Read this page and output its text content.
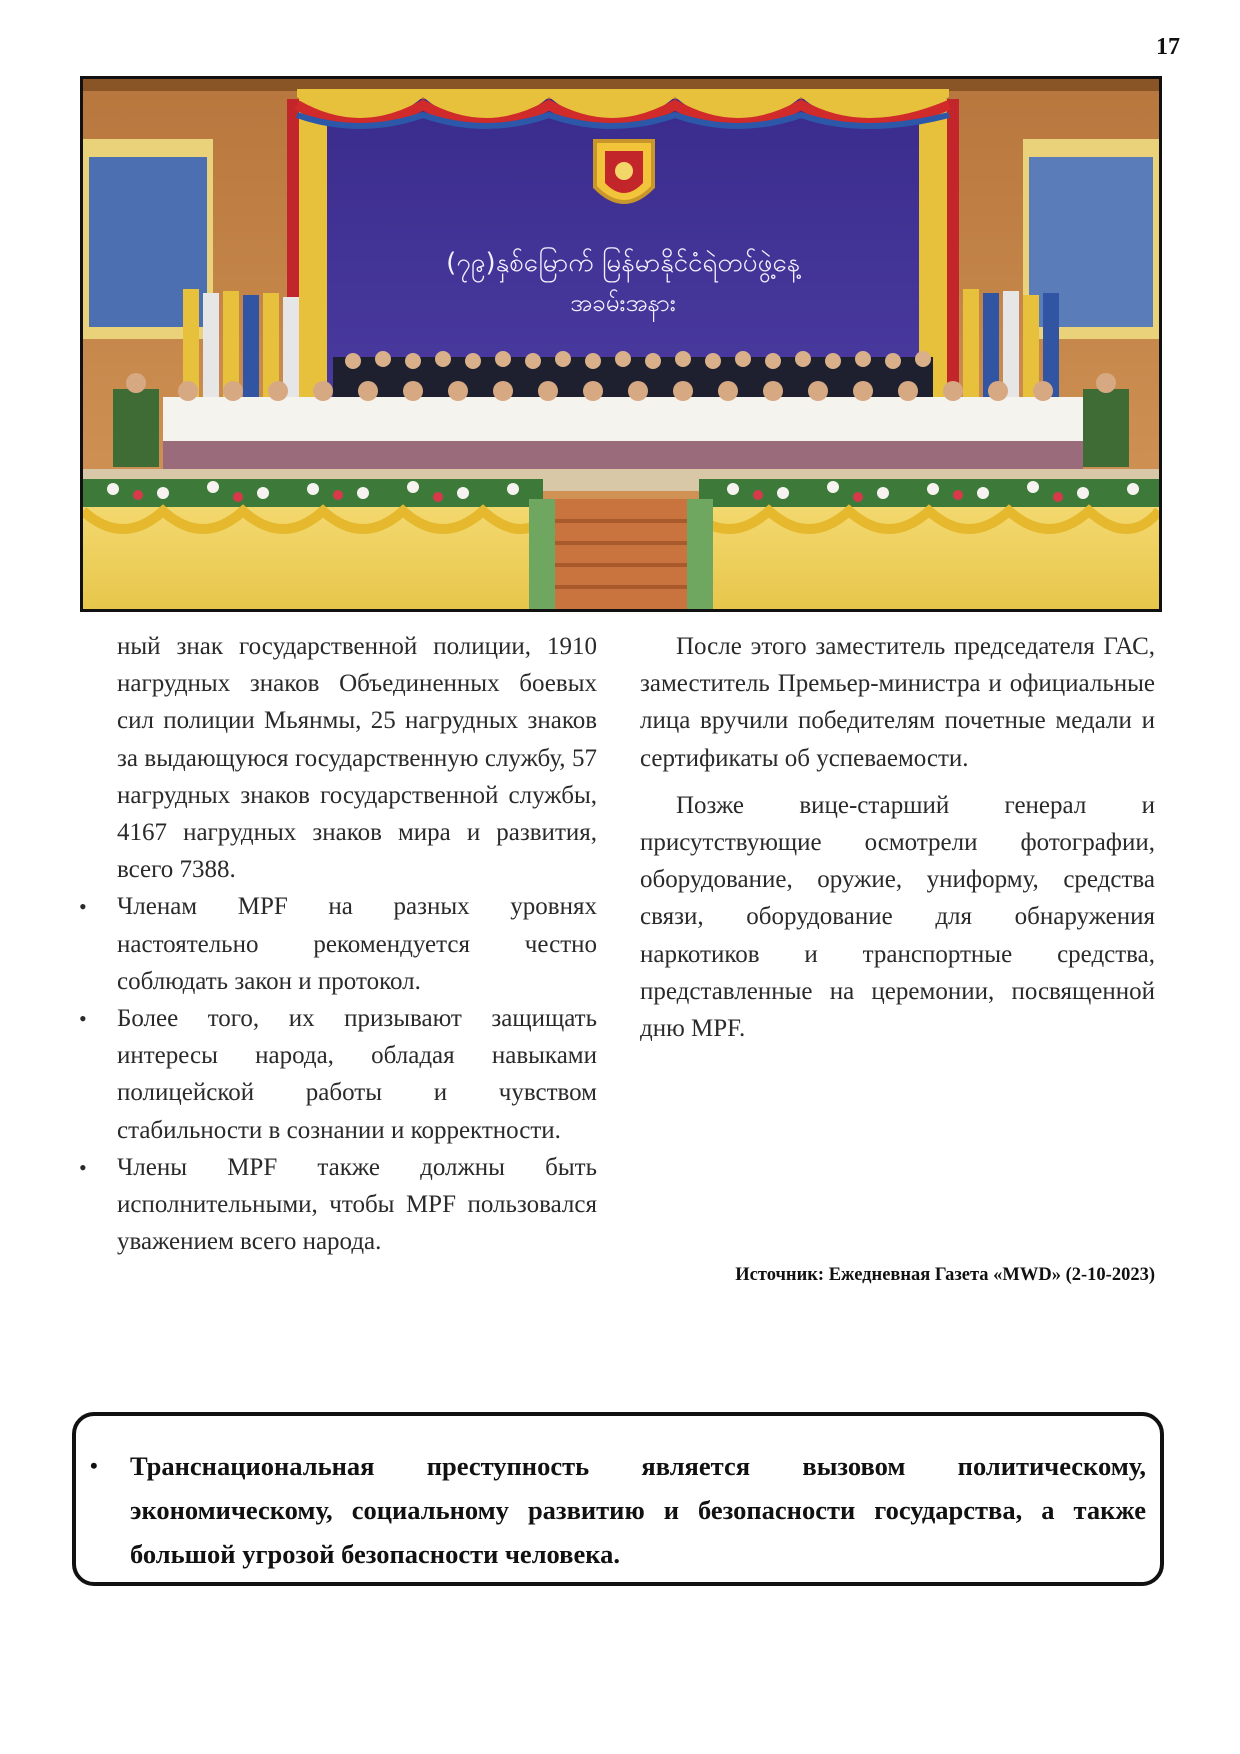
17
(၇၉)နှစ်မြောက် မြန်မာနိုင်ငံရဲတပ်ဖွဲ့နေ့
အခမ်းအနား

ный знак государственной полиции, 1910 нагрудных знаков Объединенных боевых сил полиции Мьянмы, 25 нагрудных знаков за выдающуюся государственную службу, 57 нагрудных знаков государственной службы, 4167 нагрудных знаков мира и развития, всего 7388.

• Членам MPF на разных уровнях настоятельно рекомендуется честно соблюдать закон и протокол.
• Более того, их призывают защищать интересы народа, обладая навыками полицейской работы и чувством стабильности в сознании и корректности.
• Члены MPF также должны быть исполнительными, чтобы MPF пользовался уважением всего народа.

После этого заместитель председателя ГАС, заместитель Премьер-министра и официальные лица вручили победителям почетные медали и сертификаты об успеваемости.

Позже вице-старший генерал и присутствующие осмотрели фотографии, оборудование, оружие, униформу, средства связи, оборудование для обнаружения наркотиков и транспортные средства, представленные на церемонии, посвященной дню MPF.

Источник: Ежедневная Газета «MWD» (2-10-2023)
• Транснациональная преступность является вызовом политическому, экономическому, социальному развитию и безопасности государства, а также большой угрозой безопасности человека.
